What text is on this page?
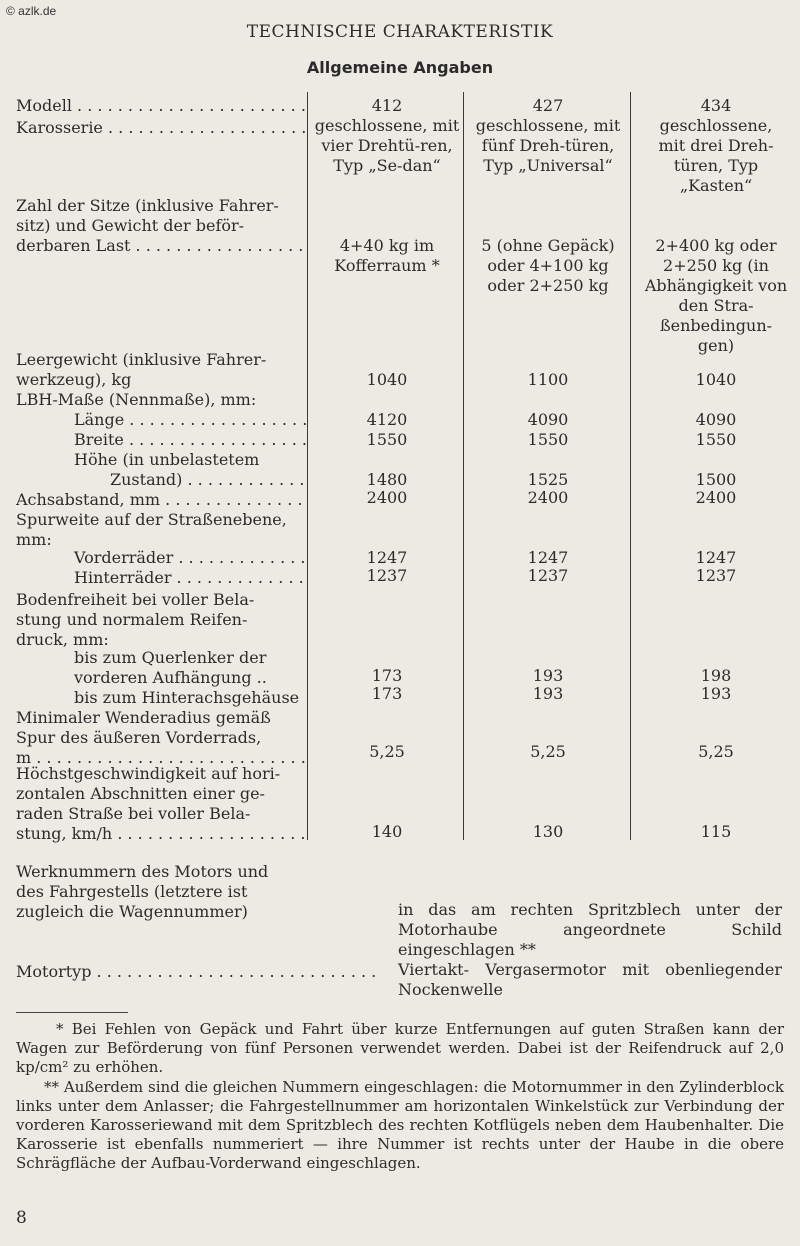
© azlk.de
TECHNISCHE CHARAKTERISTIK
Allgemeine Angaben
Modell . . .
Karosserie . . .
Zahl der Sitze (inklusive Fahrer-
sitz) und Gewicht der beför-
derbaren Last . . .
Leergewicht (inklusive Fahrer-
werkzeug), kg
LBH-Maße (Nennmaße), mm:
Länge . . .
Breite . . .
Höhe (in unbelastetem
Zustand) . . .
Achsabstand, mm . . .
Spurweite auf der Straßenebene,
mm:
Vorderräder . . .
Hinterräder . . .
Bodenfreiheit bei voller Bela-
stung und normalem Reifen-
druck, mm:
bis zum Querlenker der
vorderen Aufhängung ..
bis zum Hinterachsgehäuse
Minimaler Wenderadius gemäß
Spur des äußeren Vorderrads,
m . . .
Höchstgeschwindigkeit auf hori-
zontalen Abschnitten einer ge-
raden Straße bei voller Bela-
stung, km/h . . .
Werknummern des Motors und
des Fahrgestells (letztere ist
zugleich die Wagennummer)
Motortyp . . .
412
geschlossene, mit vier Drehtü-ren, Typ „Se-dan“
4+40 kg im Kofferraum *
1040
4120
1550
1480
2400
1247
1237
173
173
5,25
140
427
geschlossene, mit fünf Dreh-türen, Typ „Universal“
5 (ohne Gepäck) oder 4+100 kg oder 2+250 kg
1100
4090
1550
1525
2400
1247
1237
193
193
5,25
130
434
geschlossene, mit drei Dreh-türen, Typ „Kasten“
2+400 kg oder 2+250 kg (in Abhängigkeit von den Stra-ßenbedingun-gen)
1040
4090
1550
1500
2400
1247
1237
198
193
5,25
115
in das am rechten Spritzblech unter der Motorhaube angeordnete Schild eingeschlagen **
Viertakt- Vergasermotor mit obenliegender Nockenwelle
* Bei Fehlen von Gepäck und Fahrt über kurze Entfernungen auf guten Straßen kann der Wagen zur Beförderung von fünf Personen verwendet werden. Dabei ist der Reifendruck auf 2,0 kp/cm² zu erhöhen.
** Außerdem sind die gleichen Nummern eingeschlagen: die Motornummer in den Zylinderblock links unter dem Anlasser; die Fahrgestellnummer am horizontalen Winkelstück zur Verbindung der vorderen Karosseriewand mit dem Spritzblech des rechten Kotflügels neben dem Haubenhalter. Die Karosserie ist ebenfalls nummeriert — ihre Nummer ist rechts unter der Haube in die obere Schrägfläche der Aufbau-Vorderwand eingeschlagen.
8
